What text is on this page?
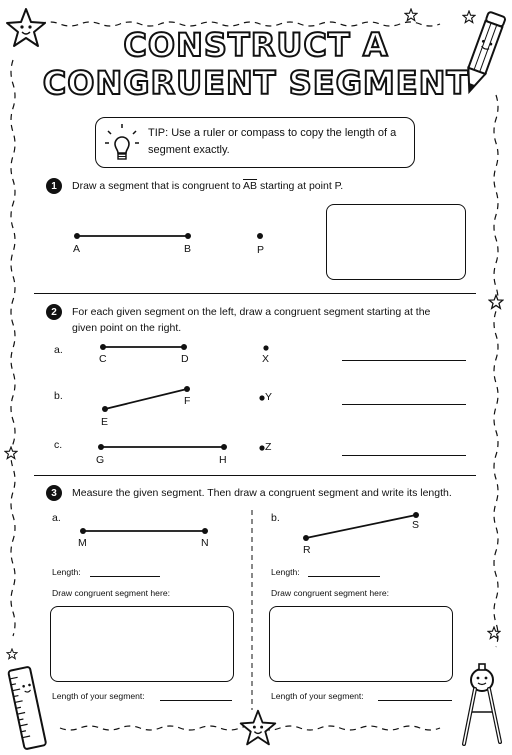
CONSTRUCT A
CONGRUENT SEGMENT
TIP: Use a ruler or compass to copy the length of a segment exactly.
1	Draw a segment that is congruent to $\overline{AB}$ starting at point P.
A	B	P
2	For each given segment on the left, draw a congruent segment starting at the given point on the right.
a.
C	D	X
b.
E
F	Y
c.
G	H
Z
3	Measure the given segment. Then draw a congruent segment and write its length.
a.
M	N
Length:
Draw congruent segment here:
Length of your segment:
b.
R
S
Length:
Draw congruent segment here:
Length of your segment:
